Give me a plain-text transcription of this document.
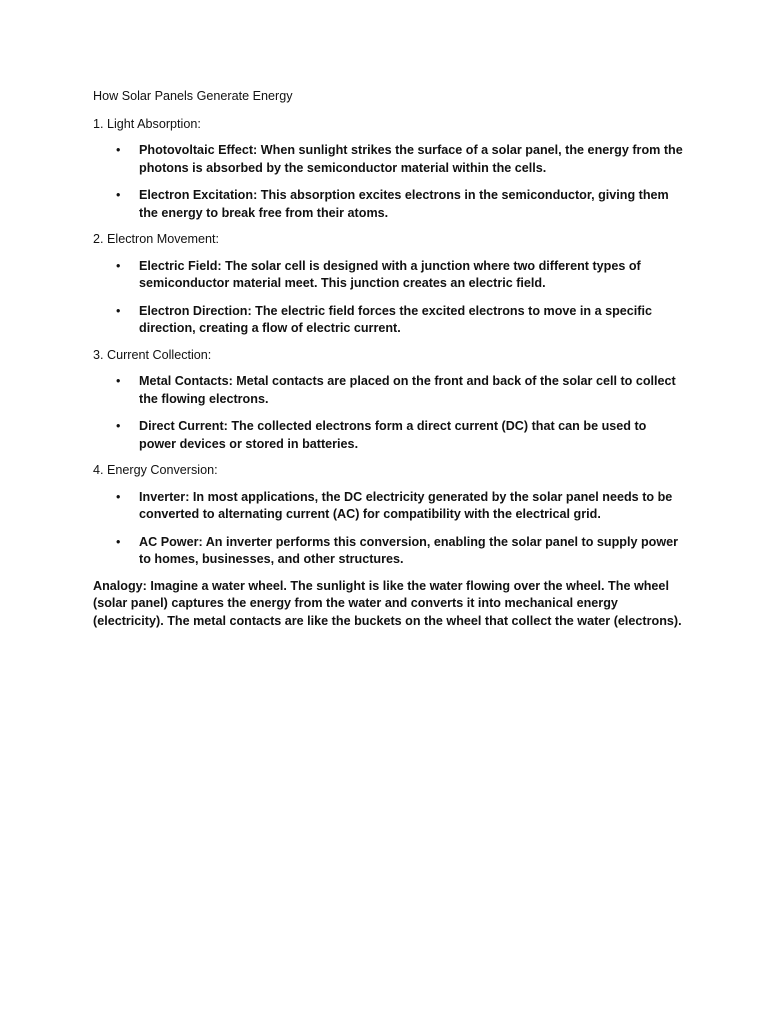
How Solar Panels Generate Energy

1. Light Absorption:

• Photovoltaic Effect: When sunlight strikes the surface of a solar panel, the energy from the photons is absorbed by the semiconductor material within the cells.
• Electron Excitation: This absorption excites electrons in the semiconductor, giving them the energy to break free from their atoms.

2. Electron Movement:

• Electric Field: The solar cell is designed with a junction where two different types of semiconductor material meet. This junction creates an electric field.
• Electron Direction: The electric field forces the excited electrons to move in a specific direction, creating a flow of electric current.

3. Current Collection:

• Metal Contacts: Metal contacts are placed on the front and back of the solar cell to collect the flowing electrons.
• Direct Current: The collected electrons form a direct current (DC) that can be used to power devices or stored in batteries.

4. Energy Conversion:

• Inverter: In most applications, the DC electricity generated by the solar panel needs to be converted to alternating current (AC) for compatibility with the electrical grid.
• AC Power: An inverter performs this conversion, enabling the solar panel to supply power to homes, businesses, and other structures.

Analogy: Imagine a water wheel. The sunlight is like the water flowing over the wheel. The wheel (solar panel) captures the energy from the water and converts it into mechanical energy (electricity). The metal contacts are like the buckets on the wheel that collect the water (electrons).
